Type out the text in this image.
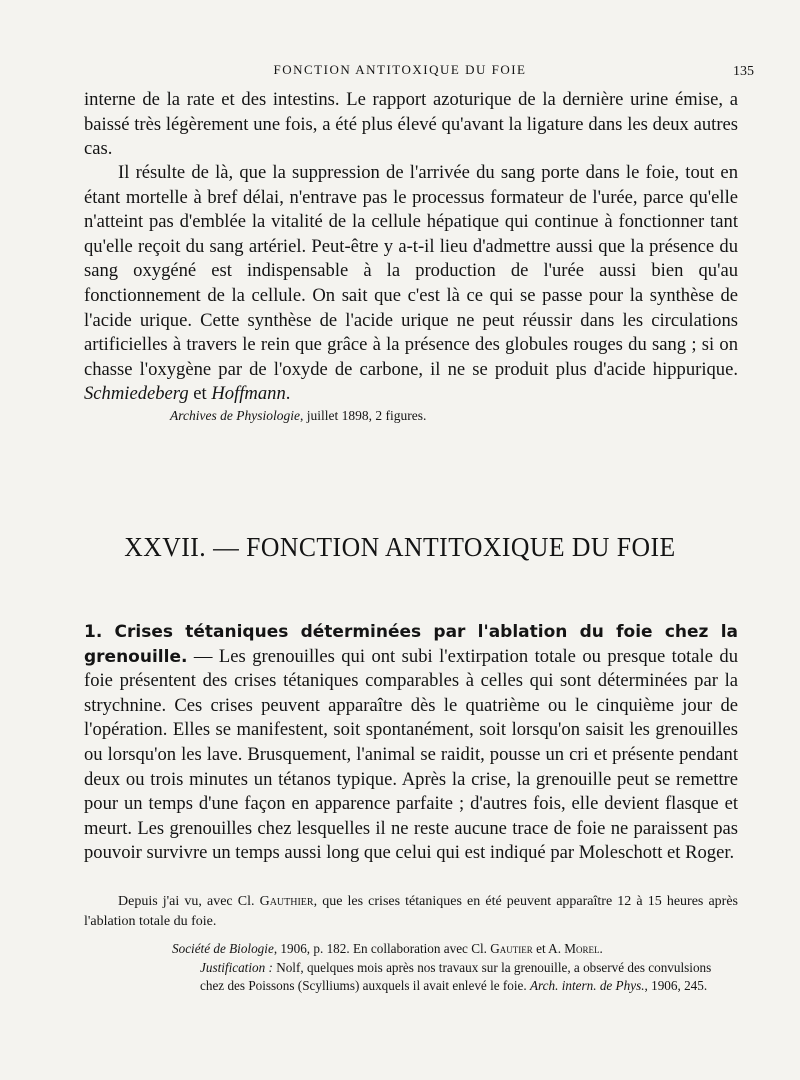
FONCTION ANTITOXIQUE DU FOIE	135

interne de la rate et des intestins. Le rapport azoturique de la dernière urine émise, a baissé très légèrement une fois, a été plus élevé qu'avant la ligature dans les deux autres cas.

Il résulte de là, que la suppression de l'arrivée du sang porte dans le foie, tout en étant mortelle à bref délai, n'entrave pas le processus formateur de l'urée, parce qu'elle n'atteint pas d'emblée la vitalité de la cellule hépatique qui continue à fonctionner tant qu'elle reçoit du sang artériel. Peut-être y a-t-il lieu d'admettre aussi que la présence du sang oxygéné est indispensable à la production de l'urée aussi bien qu'au fonctionnement de la cellule. On sait que c'est là ce qui se passe pour la synthèse de l'acide urique. Cette synthèse de l'acide urique ne peut réussir dans les circulations artificielles à travers le rein que grâce à la présence des globules rouges du sang ; si on chasse l'oxygène par de l'oxyde de carbone, il ne se produit plus d'acide hippurique. Schmiedeberg et Hoffmann.

Archives de Physiologie, juillet 1898, 2 figures.
XXVII. — FONCTION ANTITOXIQUE DU FOIE

1. Crises tétaniques déterminées par l'ablation du foie chez la grenouille. — Les grenouilles qui ont subi l'extirpation totale ou presque totale du foie présentent des crises tétaniques comparables à celles qui sont déterminées par la strychnine. Ces crises peuvent apparaître dès le quatrième ou le cinquième jour de l'opération. Elles se manifestent, soit spontanément, soit lorsqu'on saisit les grenouilles ou lorsqu'on les lave. Brusquement, l'animal se raidit, pousse un cri et présente pendant deux ou trois minutes un tétanos typique. Après la crise, la grenouille peut se remettre pour un temps d'une façon en apparence parfaite ; d'autres fois, elle devient flasque et meurt. Les grenouilles chez lesquelles il ne reste aucune trace de foie ne paraissent pas pouvoir survivre un temps aussi long que celui qui est indiqué par Moleschott et Roger.

Depuis j'ai vu, avec Cl. Gauthier, que les crises tétaniques en été peuvent apparaître 12 à 15 heures après l'ablation totale du foie.

Société de Biologie, 1906, p. 182. En collaboration avec Cl. Gautier et A. Morel.
Justification : Nolf, quelques mois après nos travaux sur la grenouille, a observé des convulsions chez des Poissons (Scylliums) auxquels il avait enlevé le foie. Arch. intern. de Phys., 1906, 245.
